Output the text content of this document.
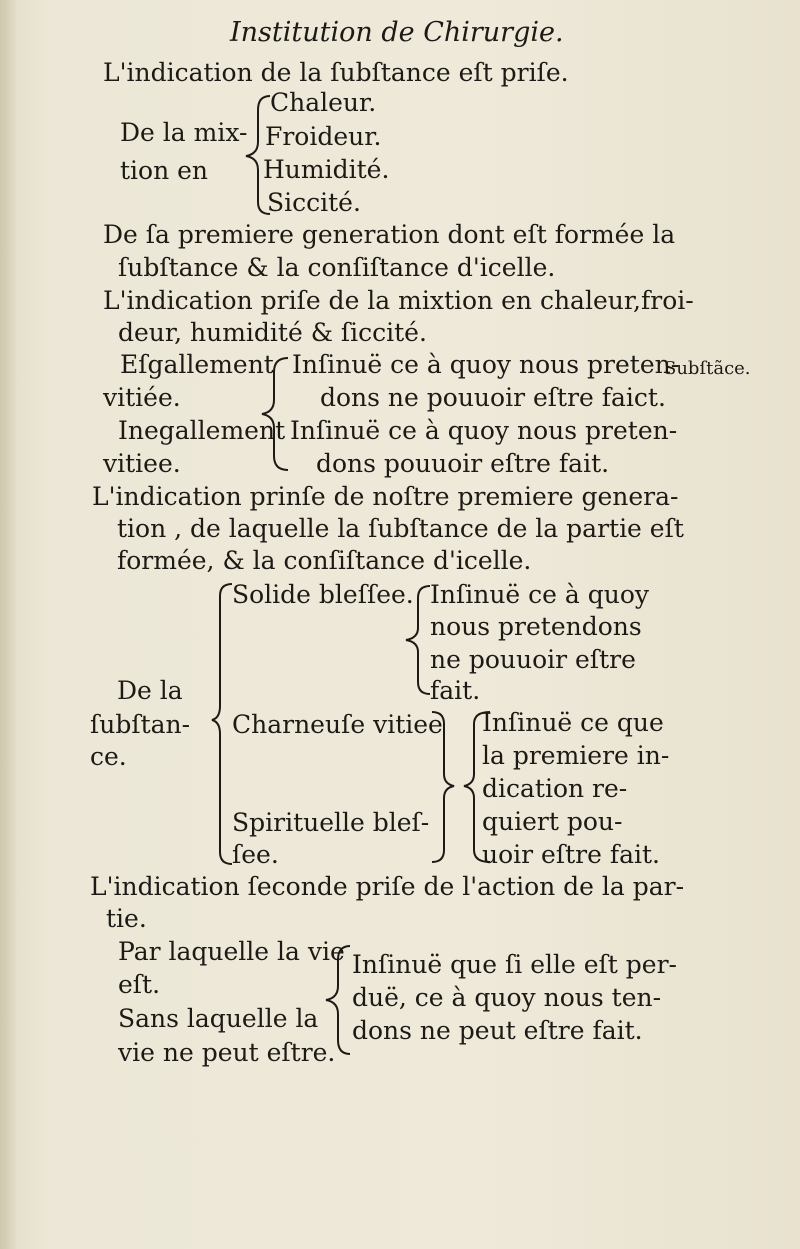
Institution de Chirurgie.
L'indication de la ſubſtance eſt priſe.
De la mix-
tion en
Chaleur.
Froideur.
Humidité.
Siccité.
De ſa premiere generation dont eſt formée la
ſubſtance & la conſiſtance d'icelle.
L'indication priſe de la mixtion en chaleur,froi-
deur, humidité & ſiccité.
Eſgallement
vitiée.
Inegallement
vitiee.
Inſinuë ce à quoy nous preten-
dons ne pouuoir eſtre faict.
Inſinuë ce à quoy nous preten-
dons pouuoir eſtre fait.
Subſtãce.
L'indication prinſe de noſtre premiere genera-
tion , de laquelle la ſubſtance de la partie eſt
formée, & la conſiſtance d'icelle.
De la
ſubſtan-
ce.
Solide bleſſee. Inſinuë ce à quoy
nous pretendons
ne pouuoir eſtre
fait.
Charneuſe vitiee
Spirituelle bleſ-
ſee.
Inſinuë ce que
la premiere in-
dication re-
quiert pou-
uoir eſtre fait.
L'indication ſeconde priſe de l'action de la par-
tie.
Par laquelle la vie
eſt.
Sans laquelle la
vie ne peut eſtre.
Inſinuë que ſi elle eſt per-
duë, ce à quoy nous ten-
dons ne peut eſtre fait.
